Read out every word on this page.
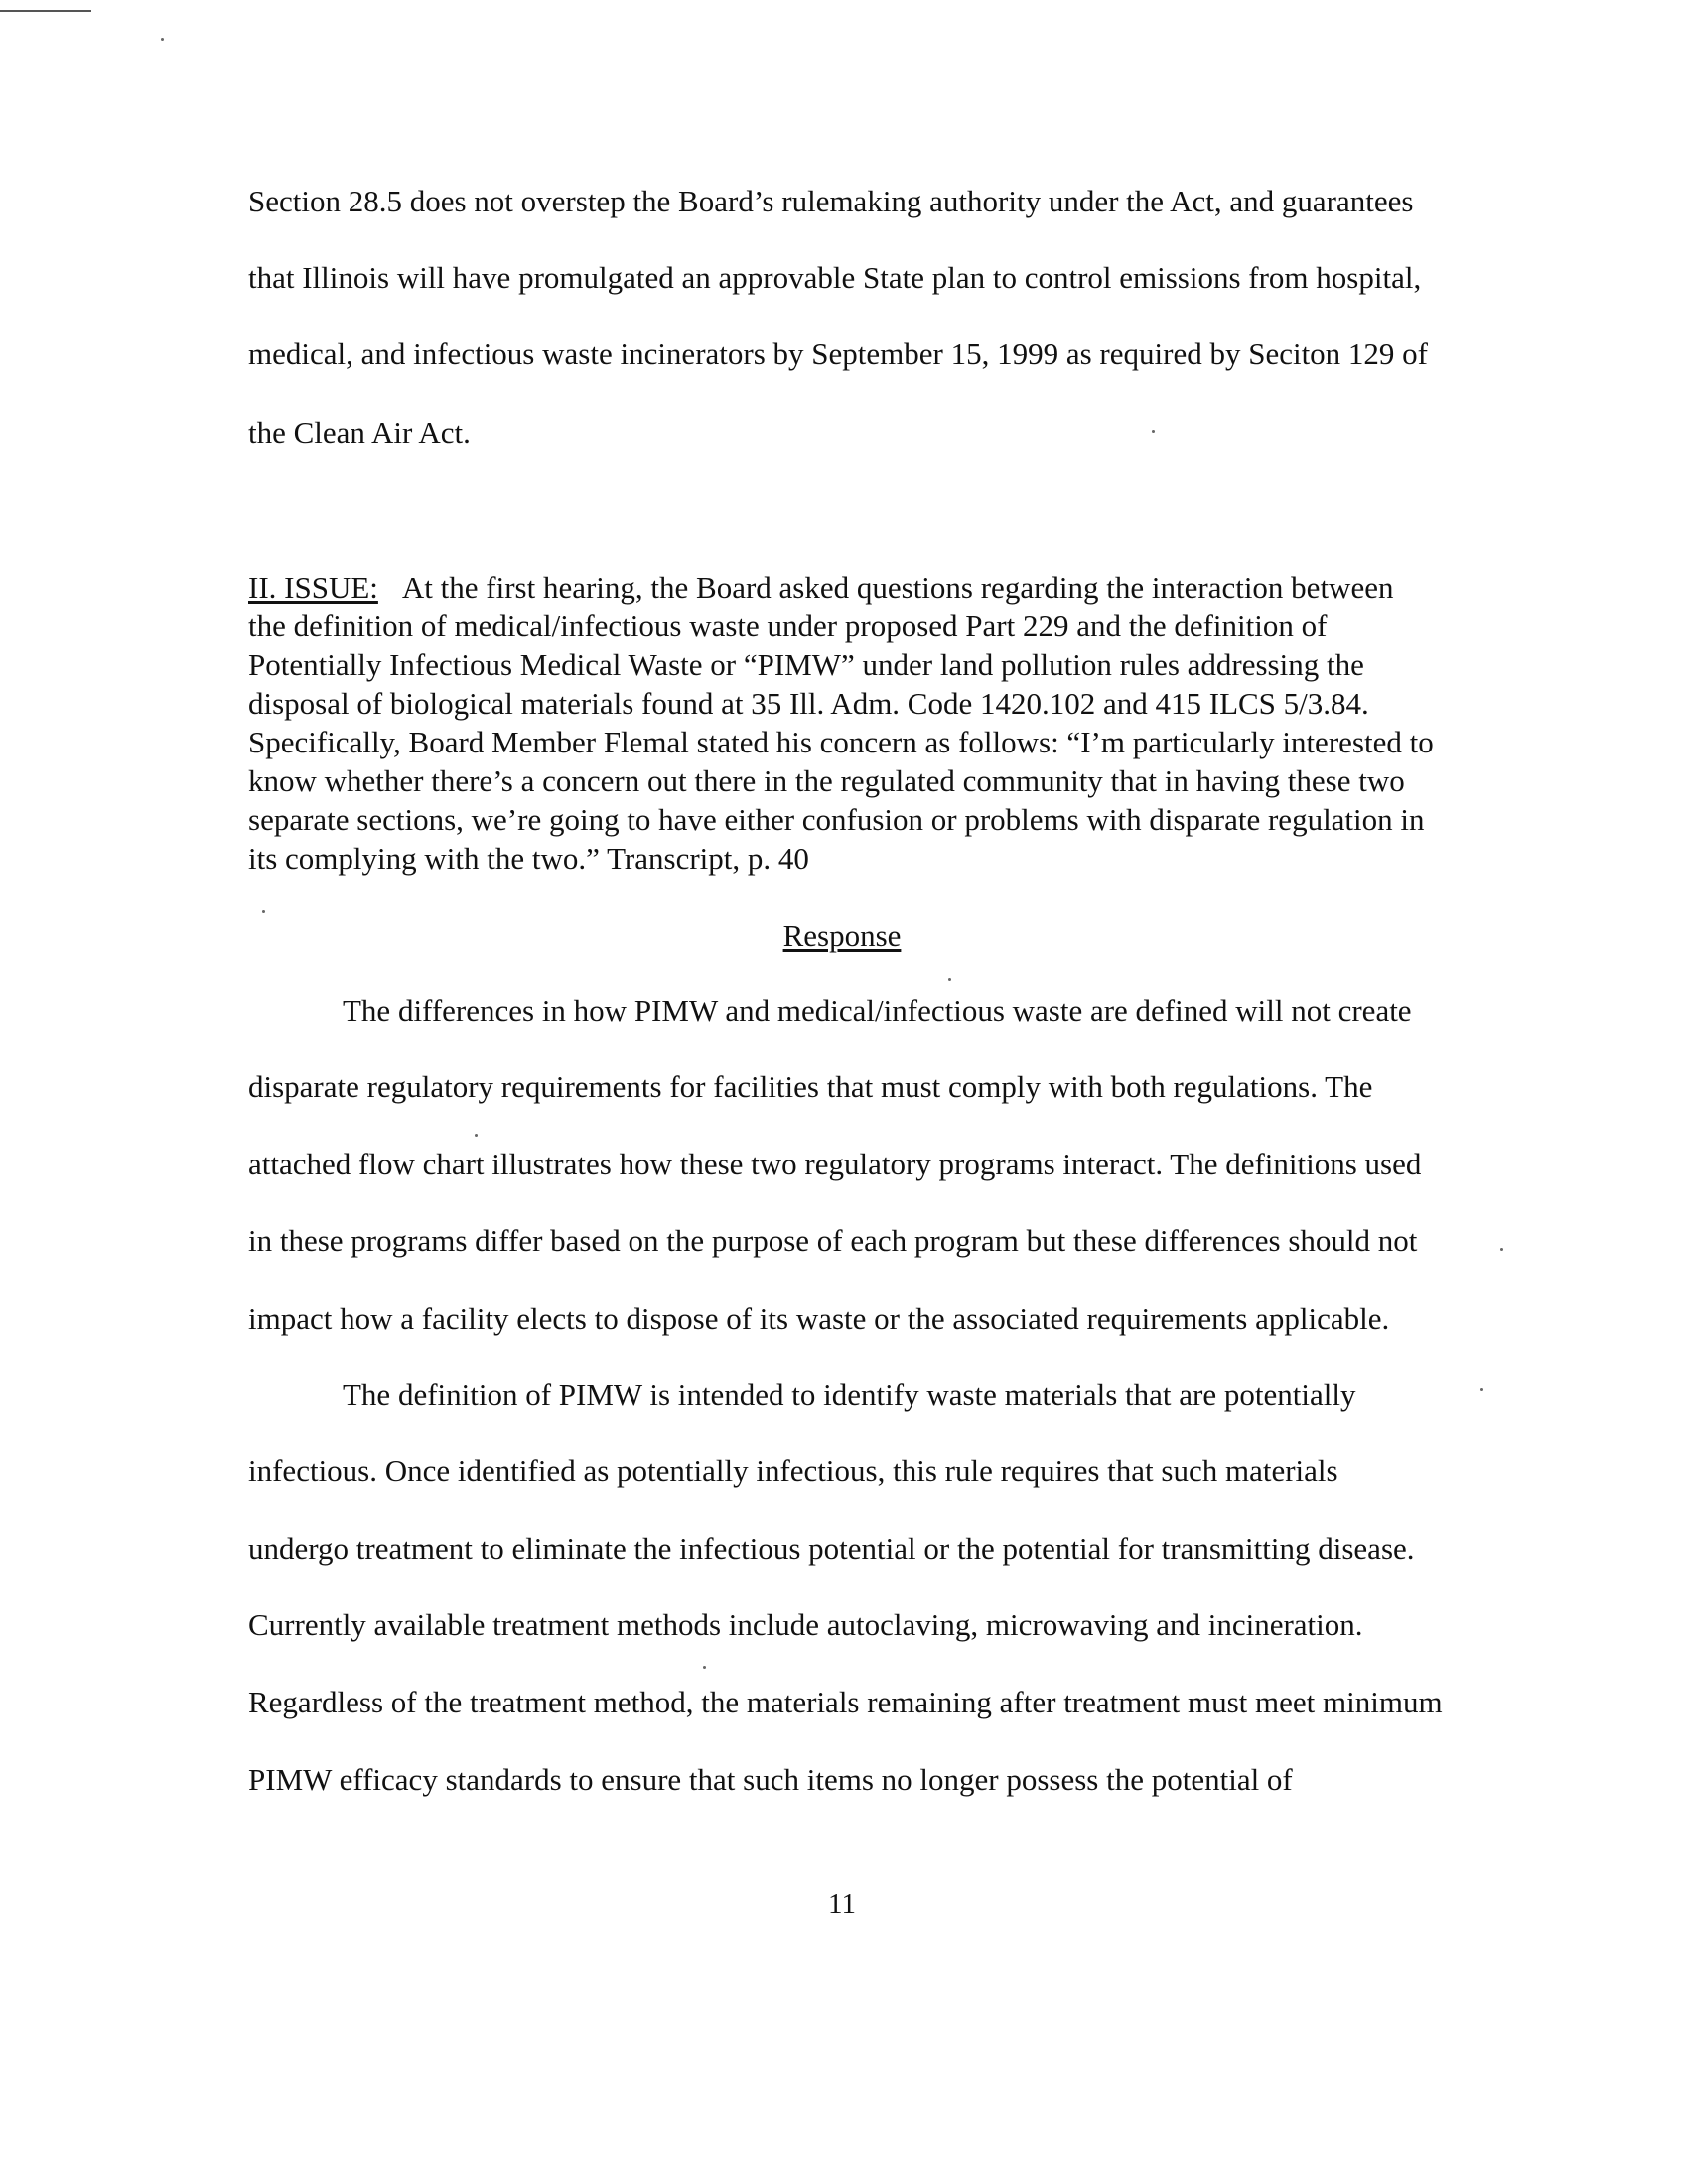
Section 28.5 does not overstep the Board’s rulemaking authority under the Act, and guarantees
that Illinois will have promulgated an approvable State plan to control emissions from hospital,
medical, and infectious waste incinerators by September 15, 1999 as required by Seciton 129 of
the Clean Air Act.
II. ISSUE: At the first hearing, the Board asked questions regarding the interaction between
the definition of medical/infectious waste under proposed Part 229 and the definition of
Potentially Infectious Medical Waste or “PIMW” under land pollution rules addressing the
disposal of biological materials found at 35 Ill. Adm. Code 1420.102 and 415 ILCS 5/3.84.
Specifically, Board Member Flemal stated his concern as follows: “I’m particularly interested to
know whether there’s a concern out there in the regulated community that in having these two
separate sections, we’re going to have either confusion or problems with disparate regulation in
its complying with the two.” Transcript, p. 40
Response
The differences in how PIMW and medical/infectious waste are defined will not create
disparate regulatory requirements for facilities that must comply with both regulations. The
attached flow chart illustrates how these two regulatory programs interact. The definitions used
in these programs differ based on the purpose of each program but these differences should not
impact how a facility elects to dispose of its waste or the associated requirements applicable.
The definition of PIMW is intended to identify waste materials that are potentially
infectious. Once identified as potentially infectious, this rule requires that such materials
undergo treatment to eliminate the infectious potential or the potential for transmitting disease.
Currently available treatment methods include autoclaving, microwaving and incineration.
Regardless of the treatment method, the materials remaining after treatment must meet minimum
PIMW efficacy standards to ensure that such items no longer possess the potential of
11
